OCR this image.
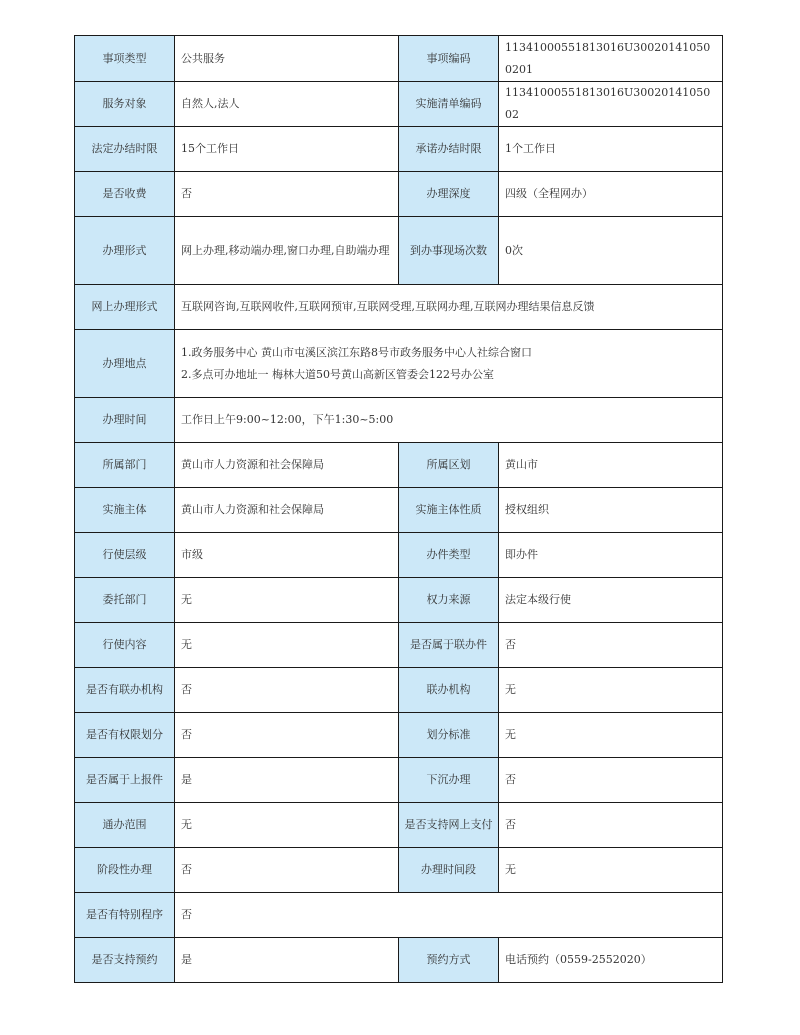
事项类型	公共服务	事项编码	11341000551813016U300201410500201
服务对象	自然人,法人	实施清单编码	11341000551813016U3002014105002
法定办结时限	15个工作日	承诺办结时限	1个工作日
是否收费	否	办理深度	四级（全程网办）
办理形式	网上办理,移动端办理,窗口办理,自助端办理	到办事现场次数	0次
网上办理形式	互联网咨询,互联网收件,互联网预审,互联网受理,互联网办理,互联网办理结果信息反馈		
办理地点	1.政务服务中心 黄山市屯溪区滨江东路8号市政务服务中心人社综合窗口
2.多点可办地址一 梅林大道50号黄山高新区管委会122号办公室		

办理时间	工作日上午9:00~12:00，下午1:30~5:00		
所属部门	黄山市人力资源和社会保障局	所属区划	黄山市
实施主体	黄山市人力资源和社会保障局	实施主体性质	授权组织
行使层级	市级	办件类型	即办件
委托部门	无	权力来源	法定本级行使
行使内容	无	是否属于联办件	否
是否有联办机构	否	联办机构	无
是否有权限划分	否	划分标准	无
是否属于上报件	是	下沉办理	否
通办范围	无	是否支持网上支付	否
阶段性办理	否	办理时间段	无
是否有特别程序	否		
是否支持预约	是	预约方式	电话预约（0559-2552020）
